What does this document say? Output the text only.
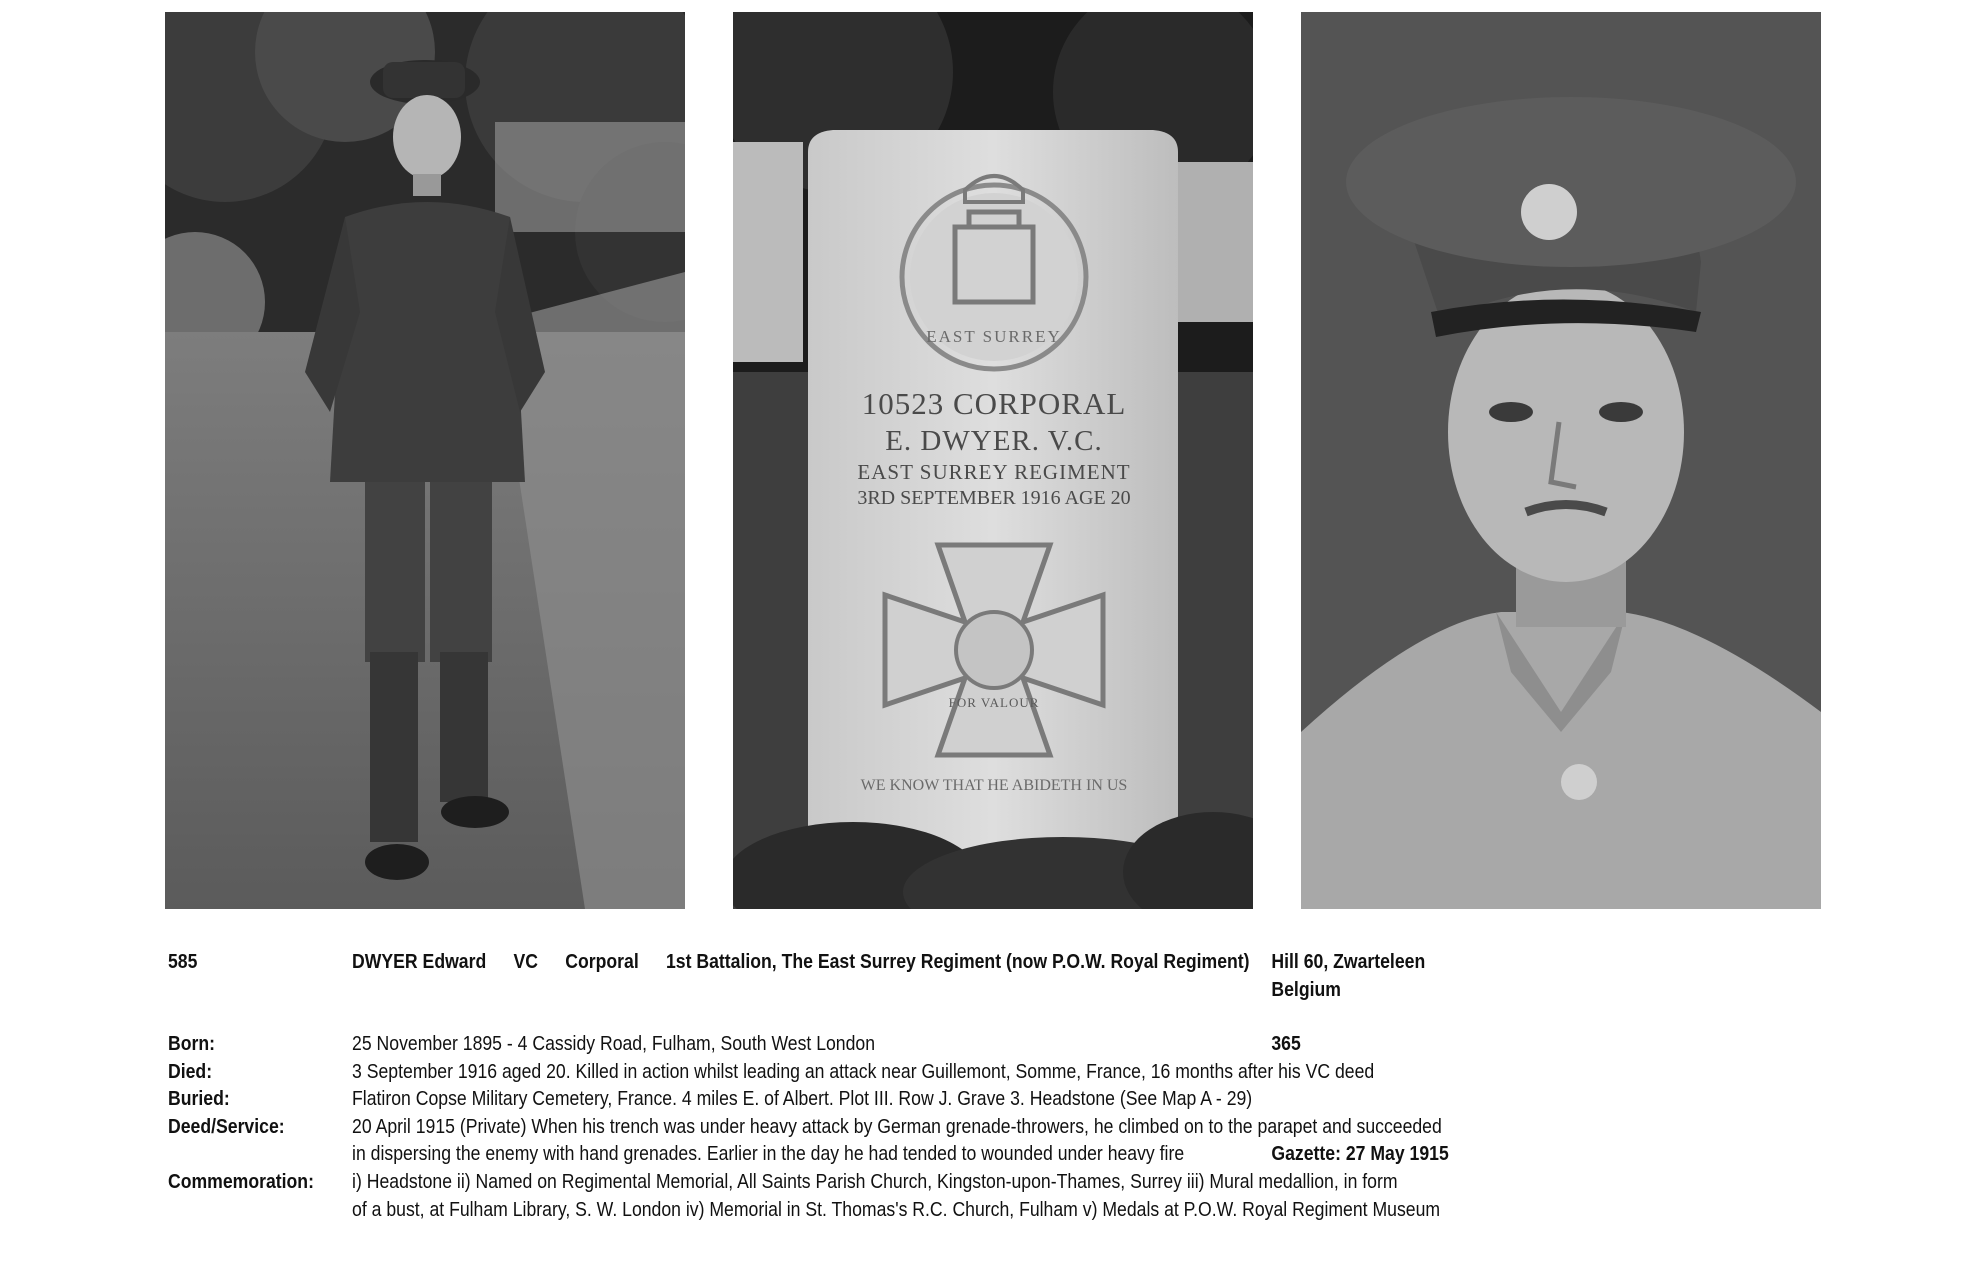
EAST SURREY
10523 CORPORAL
E. DWYER. V.C.
EAST SURREY REGIMENT
3RD SEPTEMBER 1916 AGE 20
FOR VALOUR
WE KNOW THAT HE ABIDETH IN US
585	DWYER Edward VC Corporal 1st Battalion, The East Surrey Regiment (now P.O.W. Royal Regiment)	Hill 60, Zwarteleen
Belgium
Born:	25 November 1895 - 4 Cassidy Road, Fulham, South West London	365
Died:	3 September 1916 aged 20. Killed in action whilst leading an attack near Guillemont, Somme, France, 16 months after his VC deed
Buried:	Flatiron Copse Military Cemetery, France. 4 miles E. of Albert. Plot III. Row J. Grave 3. Headstone (See Map A - 29)
Deed/Service:	20 April 1915 (Private) When his trench was under heavy attack by German grenade-throwers, he climbed on to the parapet and succeeded
in dispersing the enemy with hand grenades. Earlier in the day he had tended to wounded under heavy fire	Gazette: 27 May 1915
Commemoration: i) Headstone ii) Named on Regimental Memorial, All Saints Parish Church, Kingston-upon-Thames, Surrey iii) Mural medallion, in form
of a bust, at Fulham Library, S. W. London iv) Memorial in St. Thomas's R.C. Church, Fulham v) Medals at P.O.W. Royal Regiment Museum
